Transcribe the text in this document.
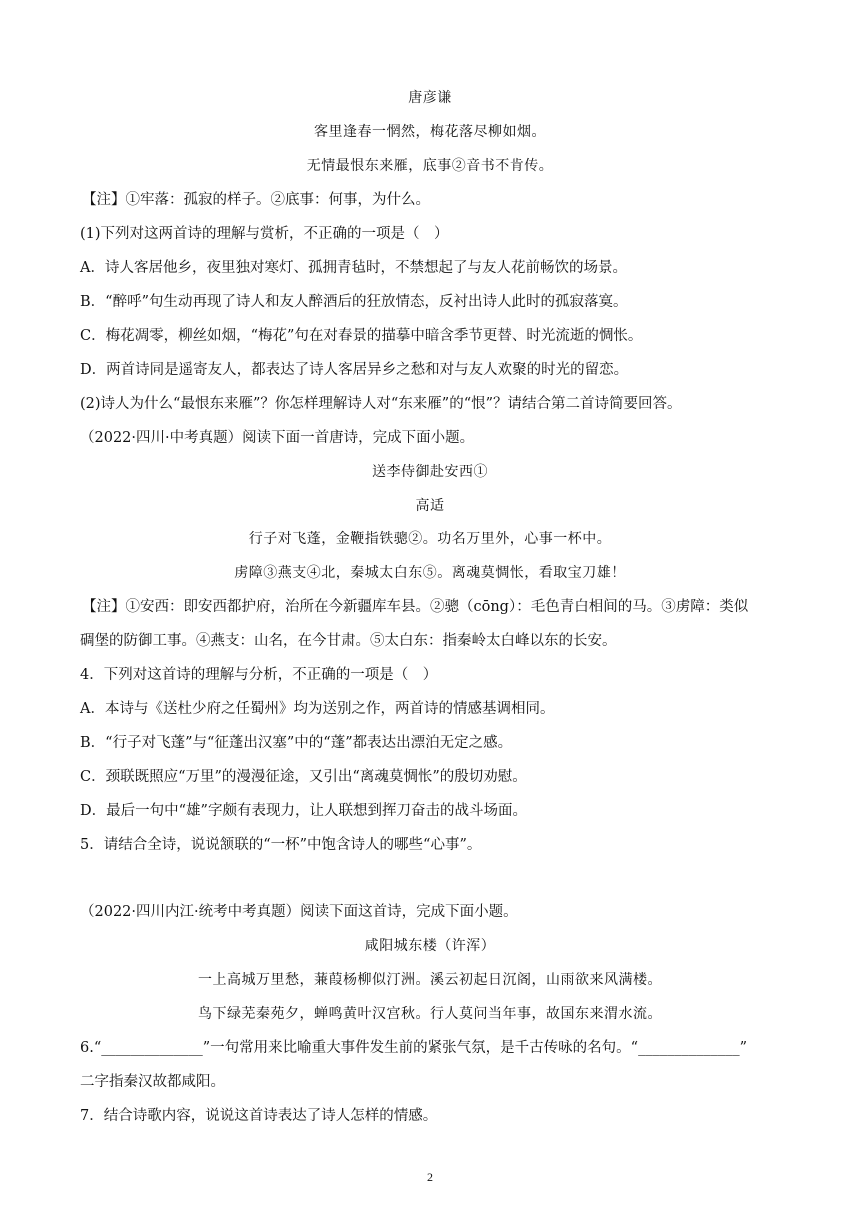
唐彦谦
客里逢春一惘然，梅花落尽柳如烟。
无情最恨东来雁，底事②音书不肯传。
【注】①牢落：孤寂的样子。②底事：何事，为什么。
(1)下列对这两首诗的理解与赏析，不正确的一项是（　）
A．诗人客居他乡，夜里独对寒灯、孤拥青毡时，不禁想起了与友人花前畅饮的场景。
B．“醉呼”句生动再现了诗人和友人醉酒后的狂放情态，反衬出诗人此时的孤寂落寞。
C．梅花凋零，柳丝如烟，“梅花”句在对春景的描摹中暗含季节更替、时光流逝的惆怅。
D．两首诗同是遥寄友人，都表达了诗人客居异乡之愁和对与友人欢聚的时光的留恋。
(2)诗人为什么“最恨东来雁”？你怎样理解诗人对“东来雁”的“恨”？请结合第二首诗简要回答。
（2022·四川·中考真题）阅读下面一首唐诗，完成下面小题。
送李侍御赴安西①
高适
行子对飞蓬，金鞭指铁骢②。功名万里外，心事一杯中。
虏障③燕支④北，秦城太白东⑤。离魂莫惆怅，看取宝刀雄！
【注】①安西：即安西都护府，治所在今新疆库车县。②骢（cōng）：毛色青白相间的马。③虏障：类似
碉堡的防御工事。④燕支：山名，在今甘肃。⑤太白东：指秦岭太白峰以东的长安。
4．下列对这首诗的理解与分析，不正确的一项是（　）
A．本诗与《送杜少府之任蜀州》均为送别之作，两首诗的情感基调相同。
B．“行子对飞蓬”与“征蓬出汉塞”中的“蓬”都表达出漂泊无定之感。
C．颈联既照应“万里”的漫漫征途，又引出“离魂莫惆怅”的殷切劝慰。
D．最后一句中“雄”字颇有表现力，让人联想到挥刀奋击的战斗场面。
5．请结合全诗，说说颔联的“一杯”中饱含诗人的哪些“心事”。
（2022·四川内江·统考中考真题）阅读下面这首诗，完成下面小题。
咸阳城东楼（许浑）
一上高城万里愁，蒹葭杨柳似汀洲。溪云初起日沉阁，山雨欲来风满楼。
鸟下绿芜秦苑夕，蝉鸣黄叶汉宫秋。行人莫问当年事，故国东来渭水流。
6.“______________”一句常用来比喻重大事件发生前的紧张气氛，是千古传咏的名句。“______________”
二字指秦汉故都咸阳。
7．结合诗歌内容，说说这首诗表达了诗人怎样的情感。
2
